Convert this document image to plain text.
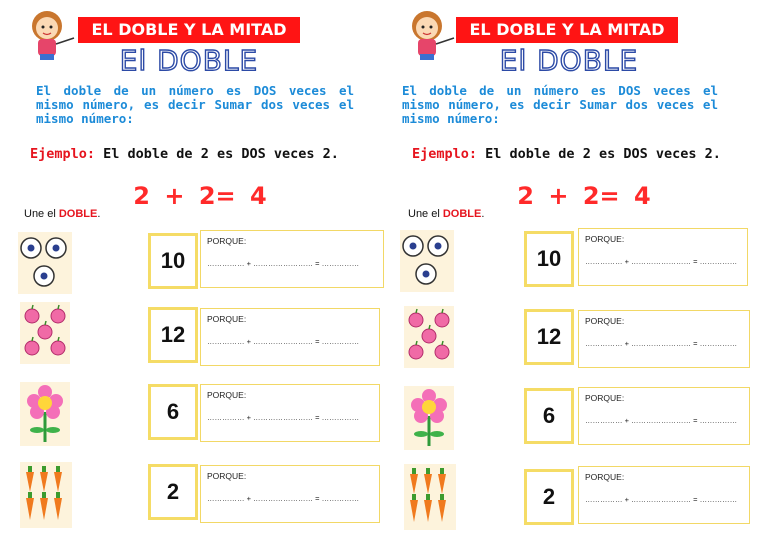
EL DOBLE Y LA MITAD
El DOBLE
El doble de un número es DOS veces el mismo número, es decir Sumar dos veces el mismo número:
Ejemplo: El doble de 2 es DOS veces 2.
2 + 2= 4
Une el DOBLE.
10
PORQUE:
…………… + …………………… = ……………
12
PORQUE:
…………… + …………………… = ……………
6
PORQUE:
…………… + …………………… = ……………
2
PORQUE:
…………… + …………………… = ……………
EL DOBLE Y LA MITAD
El DOBLE
El doble de un número es DOS veces el mismo número, es decir Sumar dos veces el mismo número:
Ejemplo: El doble de 2 es DOS veces 2.
2 + 2= 4
Une el DOBLE.
10
PORQUE:
…………… + …………………… = ……………
12
PORQUE:
…………… + …………………… = ……………
6
PORQUE:
…………… + …………………… = ……………
2
PORQUE:
…………… + …………………… = ……………
